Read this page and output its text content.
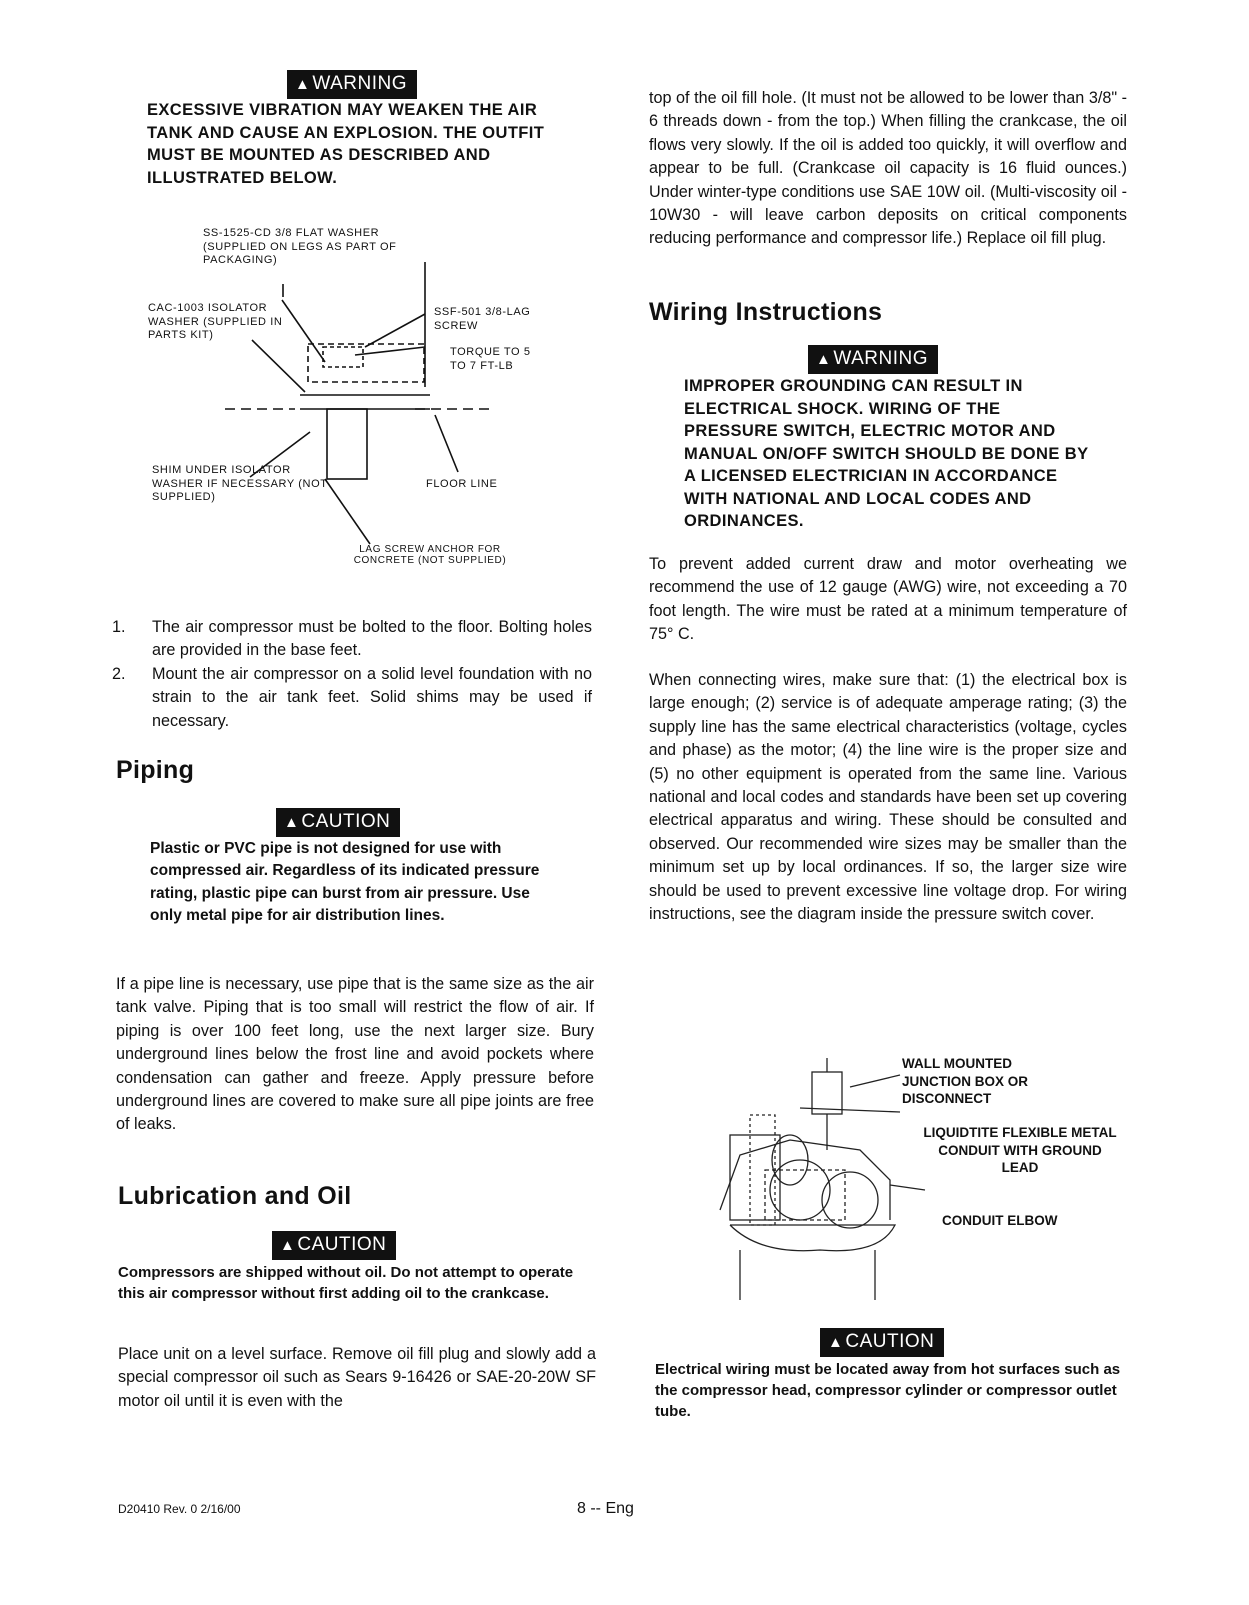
▲ WARNING
EXCESSIVE VIBRATION MAY WEAKEN THE AIR TANK AND CAUSE AN EXPLOSION. THE OUTFIT MUST BE MOUNTED AS DESCRIBED AND ILLUSTRATED BELOW.
SS-1525-CD 3/8 FLAT WASHER (SUPPLIED ON LEGS AS PART OF PACKAGING)
CAC-1003 ISOLATOR WASHER (SUPPLIED IN PARTS KIT)
SSF-501 3/8-LAG SCREW
TORQUE TO 5 TO 7 FT-LB
SHIM UNDER ISOLATOR WASHER IF NECESSARY (NOT SUPPLIED)
FLOOR LINE
LAG SCREW ANCHOR FOR CONCRETE (NOT SUPPLIED)
1. The air compressor must be bolted to the floor. Bolting holes are provided in the base feet.
2. Mount the air compressor on a solid level foundation with no strain to the air tank feet. Solid shims may be used if necessary.
Piping
▲ CAUTION
Plastic or PVC pipe is not designed for use with compressed air. Regardless of its indicated pressure rating, plastic pipe can burst from air pressure. Use only metal pipe for air distribution lines.
If a pipe line is necessary, use pipe that is the same size as the air tank valve. Piping that is too small will restrict the flow of air. If piping is over 100 feet long, use the next larger size. Bury underground lines below the frost line and avoid pockets where condensation can gather and freeze. Apply pressure before underground lines are covered to make sure all pipe joints are free of leaks.
Lubrication and Oil
▲ CAUTION
Compressors are shipped without oil. Do not attempt to operate this air compressor without first adding oil to the crankcase.
Place unit on a level surface. Remove oil fill plug and slowly add a special compressor oil such as Sears 9-16426 or SAE-20-20W SF motor oil until it is even with the
top of the oil fill hole. (It must not be allowed to be lower than 3/8" - 6 threads down - from the top.) When filling the crankcase, the oil flows very slowly. If the oil is added too quickly, it will overflow and appear to be full. (Crankcase oil capacity is 16 fluid ounces.) Under winter-type conditions use SAE 10W oil. (Multi-viscosity oil - 10W30 - will leave carbon deposits on critical components reducing performance and compressor life.) Replace oil fill plug.
Wiring Instructions
▲ WARNING
IMPROPER GROUNDING CAN RESULT IN ELECTRICAL SHOCK. WIRING OF THE PRESSURE SWITCH, ELECTRIC MOTOR AND MANUAL ON/OFF SWITCH SHOULD BE DONE BY A LICENSED ELECTRICIAN IN ACCORDANCE WITH NATIONAL AND LOCAL CODES AND ORDINANCES.
To prevent added current draw and motor overheating we recommend the use of 12 gauge (AWG) wire, not exceeding a 70 foot length. The wire must be rated at a minimum temperature of 75° C.
When connecting wires, make sure that: (1) the electrical box is large enough; (2) service is of adequate amperage rating; (3) the supply line has the same electrical characteristics (voltage, cycles and phase) as the motor; (4) the line wire is the proper size and (5) no other equipment is operated from the same line. Various national and local codes and standards have been set up covering electrical apparatus and wiring. These should be consulted and observed. Our recommended wire sizes may be smaller than the minimum set up by local ordinances. If so, the larger size wire should be used to prevent excessive line voltage drop. For wiring instructions, see the diagram inside the pressure switch cover.
WALL MOUNTED JUNCTION BOX OR DISCONNECT
LIQUIDTITE FLEXIBLE METAL CONDUIT WITH GROUND LEAD
CONDUIT ELBOW
▲ CAUTION
Electrical wiring must be located away from hot surfaces such as the compressor head, compressor cylinder or compressor outlet tube.
D20410 Rev. 0 2/16/00	8 -- Eng
